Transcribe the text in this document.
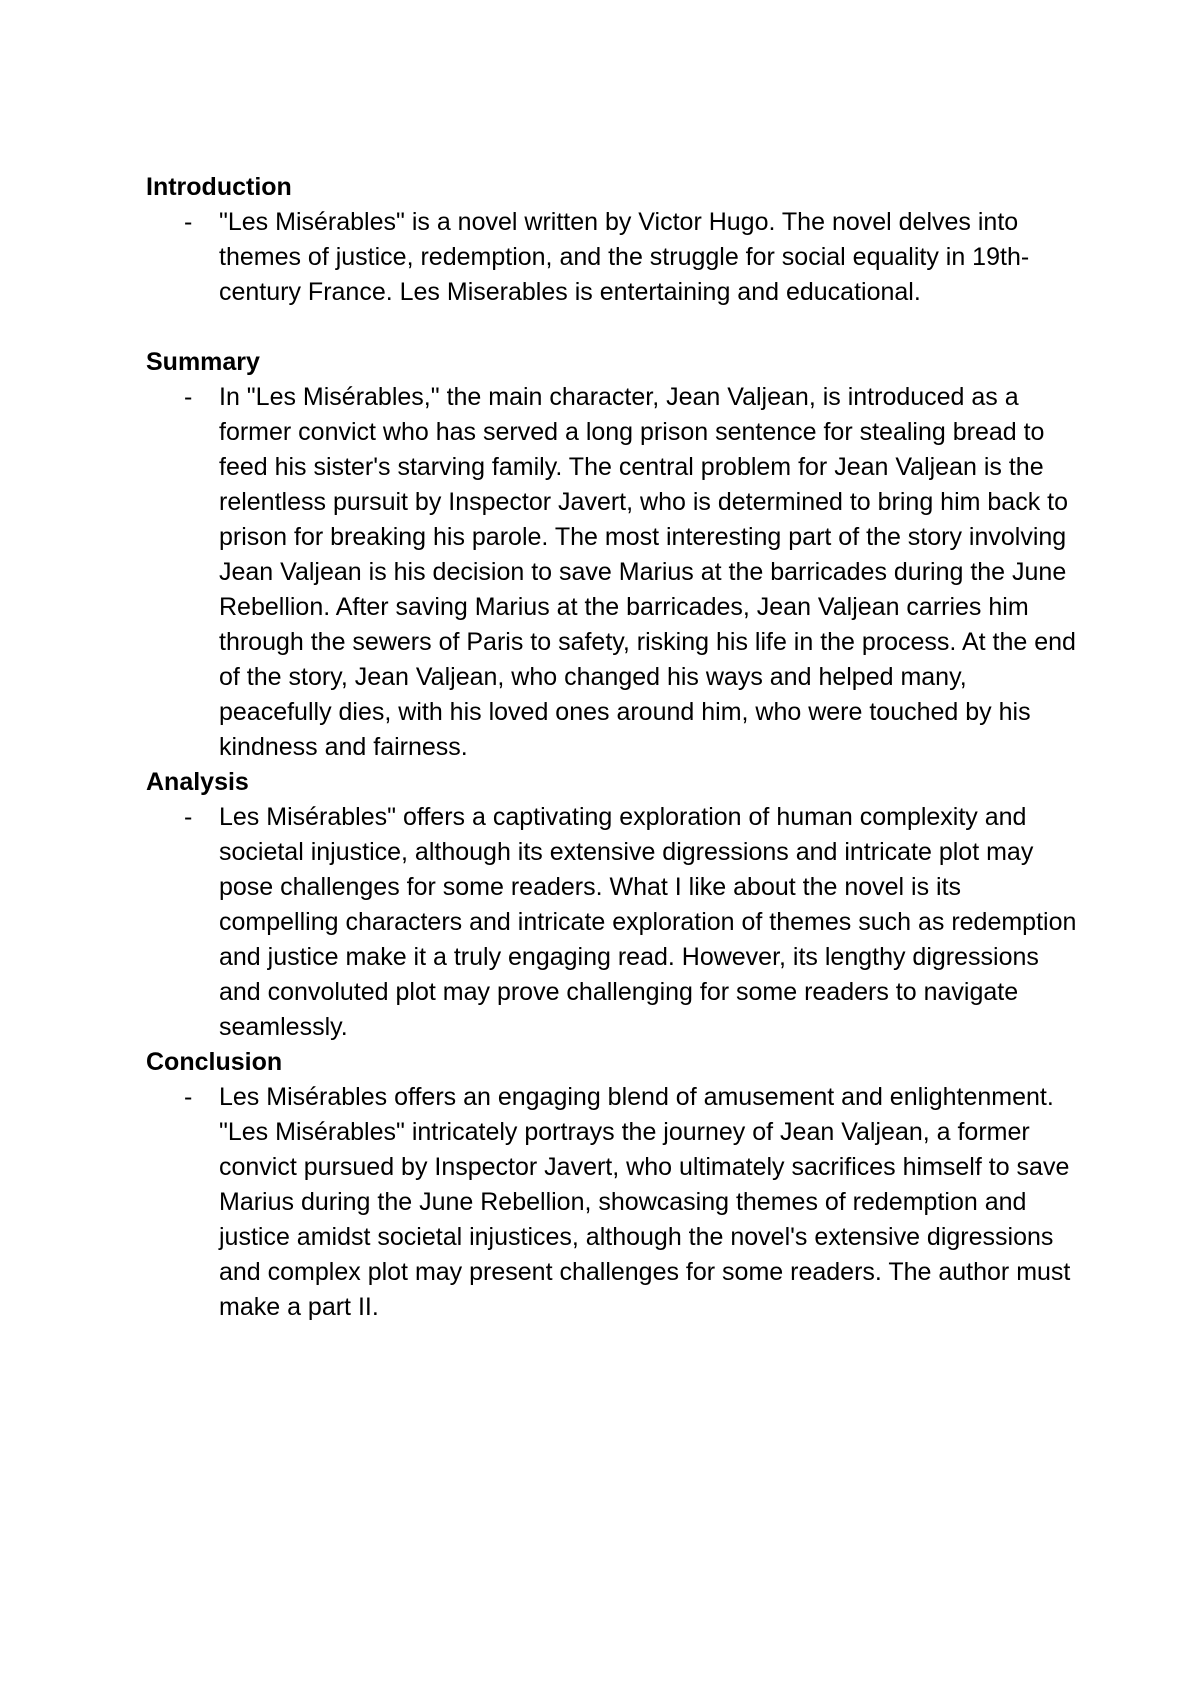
Introduction

- "Les Misérables" is a novel written by Victor Hugo. The novel delves into themes of justice, redemption, and the struggle for social equality in 19th-century France. Les Miserables is entertaining and educational.

Summary

- In "Les Misérables," the main character, Jean Valjean, is introduced as a former convict who has served a long prison sentence for stealing bread to feed his sister's starving family. The central problem for Jean Valjean is the relentless pursuit by Inspector Javert, who is determined to bring him back to prison for breaking his parole. The most interesting part of the story involving Jean Valjean is his decision to save Marius at the barricades during the June Rebellion. After saving Marius at the barricades, Jean Valjean carries him through the sewers of Paris to safety, risking his life in the process. At the end of the story, Jean Valjean, who changed his ways and helped many, peacefully dies, with his loved ones around him, who were touched by his kindness and fairness.

Analysis

- Les Misérables" offers a captivating exploration of human complexity and societal injustice, although its extensive digressions and intricate plot may pose challenges for some readers. What I like about the novel is its compelling characters and intricate exploration of themes such as redemption and justice make it a truly engaging read. However, its lengthy digressions and convoluted plot may prove challenging for some readers to navigate seamlessly.

Conclusion

- Les Misérables offers an engaging blend of amusement and enlightenment. "Les Misérables" intricately portrays the journey of Jean Valjean, a former convict pursued by Inspector Javert, who ultimately sacrifices himself to save Marius during the June Rebellion, showcasing themes of redemption and justice amidst societal injustices, although the novel's extensive digressions and complex plot may present challenges for some readers. The author must make a part II.
